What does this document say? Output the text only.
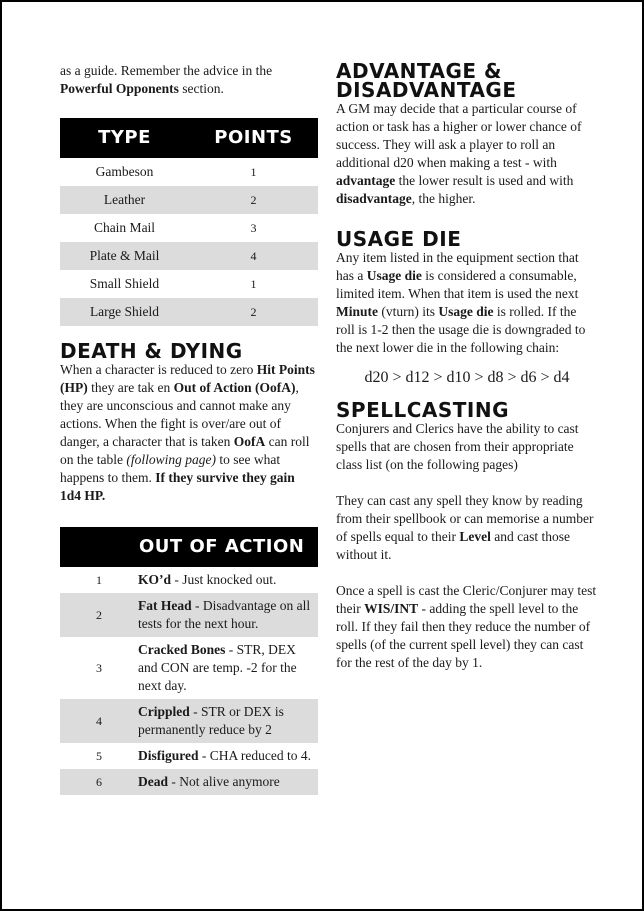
as a guide. Remember the advice in the Powerful Opponents section.

TYPE	POINTS
Gambeson	1
Leather	2
Chain Mail	3
Plate & Mail	4
Small Shield	1
Large Shield	2
DEATH & DYING

When a character is reduced to zero Hit Points (HP) they are tak en Out of Action (OofA), they are unconscious and cannot make any actions. When the fight is over/are out of danger, a character that is taken OofA can roll on the table (following page) to see what happens to them. If they survive they gain 1d4 HP.

	OUT OF ACTION
1	KO’d - Just knocked out.
2	Fat Head - Disadvantage on all tests for the next hour.
3	Cracked Bones - STR, DEX and CON are temp. -2 for the next day.
4	Crippled - STR or DEX is permanently reduce by 2
5	Disfigured - CHA reduced to 4.
6	Dead - Not alive anymore
ADVANTAGE & DISADVANTAGE

A GM may decide that a particular course of action or task has a higher or lower chance of success. They will ask a player to roll an additional d20 when making a test - with advantage the lower result is used and with disadvantage, the higher.

USAGE DIE

Any item listed in the equipment section that has a Usage die is considered a consumable, limited item. When that item is used the next Minute (vturn) its Usage die is rolled. If the roll is 1-2 then the usage die is downgraded to the next lower die in the following chain:

d20 > d12 > d10 > d8 > d6 > d4

SPELLCASTING

Conjurers and Clerics have the ability to cast spells that are chosen from their appropriate class list (on the following pages)

They can cast any spell they know by reading from their spellbook or can memorise a number of spells equal to their Level and cast those without it.

Once a spell is cast the Cleric/Conjurer may test their WIS/INT - adding the spell level to the roll. If they fail then they reduce the number of spells (of the current spell level) they can cast for the rest of the day by 1.
